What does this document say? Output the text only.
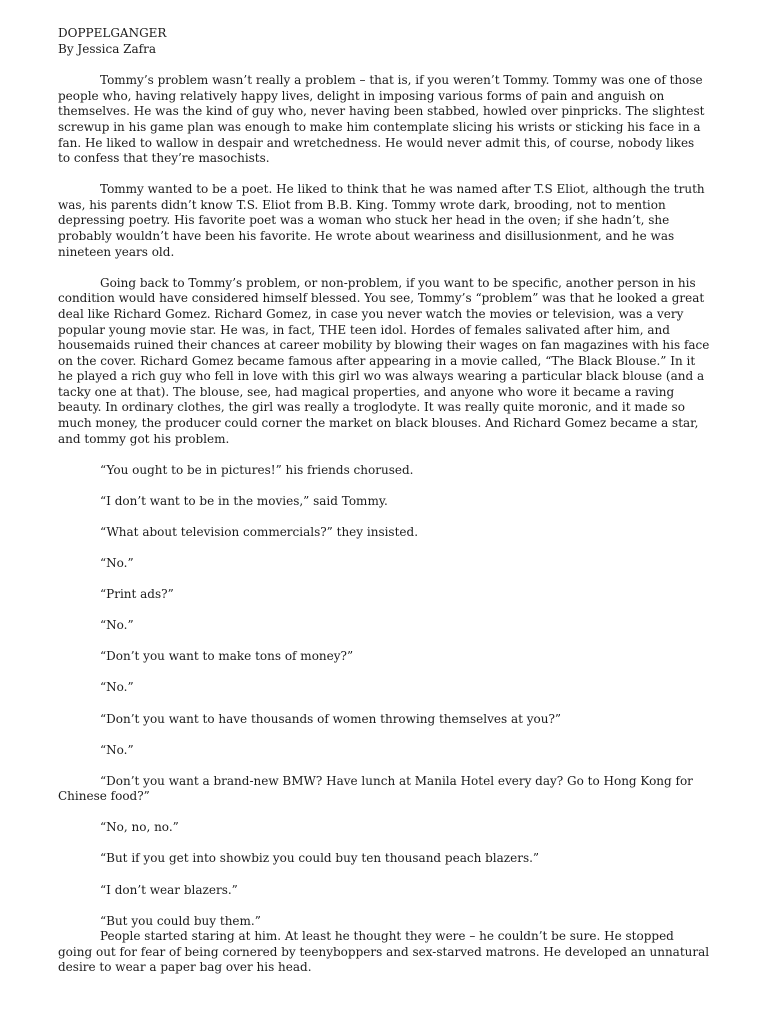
DOPPELGANGER

By Jessica Zafra

Tommy’s problem wasn’t really a problem – that is, if you weren’t Tommy. Tommy was one of those people who, having relatively happy lives, delight in imposing various forms of pain and anguish on themselves. He was the kind of guy who, never having been stabbed, howled over pinpricks. The slightest screwup in his game plan was enough to make him contemplate slicing his wrists or sticking his face in a fan. He liked to wallow in despair and wretchedness. He would never admit this, of course, nobody likes to confess that they’re masochists.

Tommy wanted to be a poet. He liked to think that he was named after T.S Eliot, although the truth was, his parents didn’t know T.S. Eliot from B.B. King. Tommy wrote dark, brooding, not to mention depressing poetry. His favorite poet was a woman who stuck her head in the oven; if she hadn’t, she probably wouldn’t have been his favorite. He wrote about weariness and disillusionment, and he was nineteen years old.

Going back to Tommy’s problem, or non-problem, if you want to be specific, another person in his condition would have considered himself blessed. You see, Tommy’s “problem” was that he looked a great deal like Richard Gomez. Richard Gomez, in case you never watch the movies or television, was a very popular young movie star. He was, in fact, THE teen idol. Hordes of females salivated after him, and housemaids ruined their chances at career mobility by blowing their wages on fan magazines with his face on the cover. Richard Gomez became famous after appearing in a movie called, “The Black Blouse.” In it he played a rich guy who fell in love with this girl wo was always wearing a particular black blouse (and a tacky one at that). The blouse, see, had magical properties, and anyone who wore it became a raving beauty. In ordinary clothes, the girl was really a troglodyte. It was really quite moronic, and it made so much money, the producer could corner the market on black blouses. And Richard Gomez became a star, and tommy got his problem.

“You ought to be in pictures!” his friends chorused.

“I don’t want to be in the movies,” said Tommy.

“What about television commercials?” they insisted.

“No.”

“Print ads?”

“No.”

“Don’t you want to make tons of money?”

“No.”

“Don’t you want to have thousands of women throwing themselves at you?”

“No.”

“Don’t you want a brand-new BMW? Have lunch at Manila Hotel every day? Go to Hong Kong for Chinese food?”

“No, no, no.”

“But if you get into showbiz you could buy ten thousand peach blazers.”

“I don’t wear blazers.”

“But you could buy them.”

People started staring at him. At least he thought they were – he couldn’t be sure. He stopped going out for fear of being cornered by teenyboppers and sex-starved matrons. He developed an unnatural desire to wear a paper bag over his head.
